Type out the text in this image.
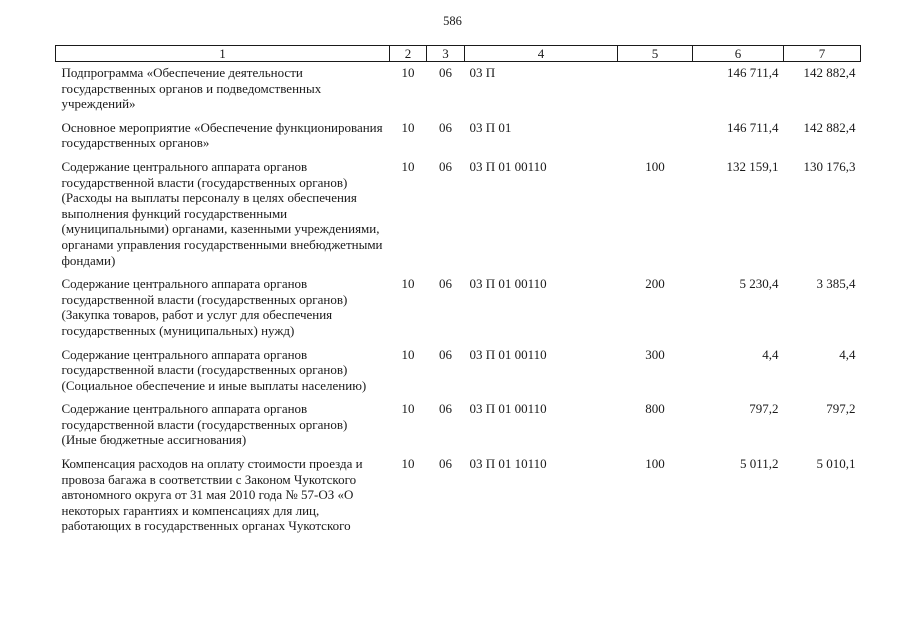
586
1	2	3	4	5	6	7
Подпрограмма «Обеспечение деятельности государственных органов и подведомственных учреждений»	10	06	03 П		146 711,4	142 882,4
Основное мероприятие «Обеспечение функционирования государственных органов»	10	06	03 П 01		146 711,4	142 882,4
Содержание центрального аппарата органов государственной власти (государственных органов) (Расходы на выплаты персоналу в целях обеспечения выполнения функций государственными (муниципальными) органами, казенными учреждениями, органами управления государственными внебюджетными фондами)	10	06	03 П 01 00110	100	132 159,1	130 176,3
Содержание центрального аппарата органов государственной власти (государственных органов) (Закупка товаров, работ и услуг для обеспечения государственных (муниципальных) нужд)	10	06	03 П 01 00110	200	5 230,4	3 385,4
Содержание центрального аппарата органов государственной власти (государственных органов) (Социальное обеспечение и иные выплаты населению)	10	06	03 П 01 00110	300	4,4	4,4
Содержание центрального аппарата органов государственной власти (государственных органов) (Иные бюджетные ассигнования)	10	06	03 П 01 00110	800	797,2	797,2
Компенсация расходов на оплату стоимости проезда и провоза багажа в соответствии с Законом Чукотского автономного округа от 31 мая 2010 года № 57-ОЗ «О некоторых гарантиях и компенсациях для лиц, работающих в государственных органах Чукотского	10	06	03 П 01 10110	100	5 011,2	5 010,1
